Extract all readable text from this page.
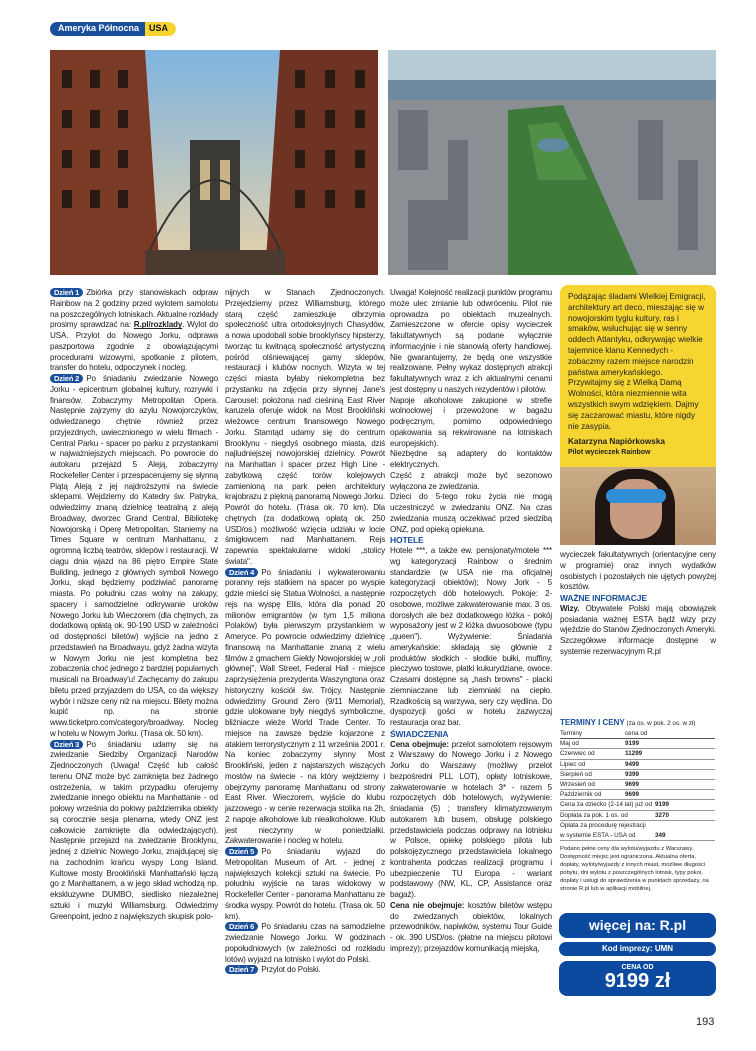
Ameryka Północna	USA

Dzień 1 Zbiórka przy stanowiskach odpraw Rainbow na 2 godziny przed wylotem samolotu na poszczególnych lotniskach. Aktualne rozkłady prosimy sprawdzać na: R.pl/rozklady. Wylot do USA. Przylot do Nowego Jorku, odprawa paszportowa zgodnie z obowiązującymi procedurami wizowymi, spotkanie z pilotem, transfer do hotelu, odpoczynek i nocleg.

Dzień 2 Po śniadaniu zwiedzanie Nowego Jorku - epicentrum globalnej kultury, rozrywki i finansów. Zobaczymy Metropolitan Opera. Następnie zajrzymy do azylu Nowojorczyków, odwiedzanego chętnie również przez przyjezdnych, uwiecznionego w wielu filmach - Central Parku - spacer po parku z przystankami w najważniejszych miejscach. Po powrocie do autokaru przejazd 5 Aleją, zobaczymy Rockefeller Center i przespacerujemy się słynną Piątą Aleją z jej najdroższymi na świecie sklepami. Wejdziemy do Katedry św. Patryka, odwiedzimy znaną dzielnicę teatralną z aleją Broadway, dworzec Grand Central, Bibliotekę Nowojorską i Operę Metropolitan. Staniemy na Times Square w centrum Manhattanu, z ogromną liczbą teatrów, sklepów i restauracji. W ciągu dnia wjazd na 86 piętro Empire State Building, jednego z głównych symboli Nowego Jorku, skąd będziemy podziwiać panoramę miasta. Po południu czas wolny na zakupy, spacery i samodzielne odkrywanie uroków Nowego Jorku lub Wieczorem (dla chętnych, za dodatkową opłatą ok. 90-190 USD w zależności od dostępności biletów) wyjście na jedno z przedstawień na Broadwayu, gdyż żadna wizyta w Nowym Jorku nie jest kompletna bez zobaczenia choć jednego z bardziej popularnych musicali na Broadway'u! Zachęcamy do zakupu biletu przed przyjazdem do USA, co da większy wybór i niższe ceny niż na miejscu. Bilety można kupić np. na stronie www.ticketpro.com/category/broadway. Nocleg w hotelu w Nowym Jorku. (Trasa ok. 50 km).

Dzień 3 Po śniadaniu udamy się na zwiedzanie Siedziby Organizacji Narodów Zjednoczonych (Uwaga! Część lub całość terenu ONZ może być zamknięta bez żadnego ostrzeżenia, w takim przypadku oferujemy zwiedzanie innego obiektu na Manhattanie - od połowy września do połowy października obiekty są corocznie sesja plenarna, wtedy ONZ jest całkowicie zamknięte dla odwiedzających). Następnie przejazd na zwiedzanie Brooklynu, jednej z dzielnic Nowego Jorku, znajdującej się na zachodnim krańcu wyspy Long Island. Kultowe mosty Brooklińskii Manhattański łączą go z Manhattanem, a w jego skład wchodzą np. ekskluzywne DUMBO, siedlisko niezależnej sztuki i muzyki Williamsburg. Odwiedzimy Greenpoint, jedno z największych skupisk polo-

nijnych w Stanach Zjednoczonych. Przejedziemy przez Williamsburg, którego starą część zamieszkuje olbrzymia społeczność ultra ortodoksyjnych Chasydów, a nowa upodobali sobie brooklyńscy hipsterzy, tworząc tu kwitnącą społeczność artystyczną pośród olśniewającej gamy sklepów, restauracji i klubów nocnych. Wizyta w tej części miasta byłaby niekompletna bez przystanku na zdjęcia przy słynnej Jane's Carousel: położona nad cieśniną East River karuzela oferuje widok na Most Brookliński wieżowce centrum finansowego Nowego Jorku. Stamtąd udamy się do centrum Brooklynu - niegdyś osobnego miasta, dziś najludniejszej nowojorskiej dzielnicy. Powrót na Manhattan i spacer przez High Line - zabytkową część torów kolejowych zamienioną na park pełen architektury krajobrazu z piękną panoramą Nowego Jorku. Powrót do hotelu. (Trasa ok. 70 km). Dla chętnych (za dodatkową opłatą ok. 250 USD/os.) możliwość wzięcia udziału w locie śmigłowcem nad Manhattanem. Rejs zapewnia spektakularne widoki „stolicy świata".

Dzień 4 Po śniadaniu i wykwaterowaniu poranny rejs statkiem na spacer po wyspie gdzie mieści się Statua Wolności, a następnie rejs na wyspę Ellis, która dla ponad 20 milionów emigrantów (w tym 1,5 miliona Polaków) była pierwszym przystankiem w Ameryce. Po powrocie odwiedzimy dzielnicę finansową na Manhattanie znaną z wielu filmów z gmachem Giełdy Nowojorskiej w „roli głównej", Wall Street, Federal Hall - miejsce zaprzysiężenia prezydenta Waszyngtona oraz historyczny kościół św. Trójcy. Następnie odwiedzimy Ground Zero (9/11 Memorial), gdzie ulokowane były niegdyś symboliczne, bliźniacze wieże World Trade Center. To miejsce na zawsze będzie kojarzone z atakiem terrorystycznym z 11 września 2001 r. Na koniec zobaczymy słynny Most Brookliński, jeden z najstarszych wiszących mostów na świecie - na który wejdziemy i obejrzymy panoramę Manhattanu od strony East River. Wieczorem, wyjście do klubu jazzowego - w cenie rezerwacja stolika na 2h, 2 napoje alkoholowe lub niealkoholowe. Klub jest nieczynny w poniedziałki. Zakwaterowanie i nocleg w hotelu.

Dzień 5 Po śniadaniu wyjazd do Metropolitan Museum of Art. - jednej z największych kolekcji sztuki na świecie. Po południu wyjście na taras widokowy w Rockefeller Center - panorama Manhattanu ze środka wyspy. Powrót do hotelu. (Trasa ok. 50 km).

Dzień 6 Po śniadaniu czas na samodzielne zwiedzanie Nowego Jorku. W godzinach popołudniowych (w zależności od rozkładu lotów) wyjazd na lotnisko i wylot do Polski.

Dzień 7 Przylot do Polski.

Uwaga! Kolejność realizacji punktów programu może ulec zmianie lub odwróceniu. Pilot nie oprowadza po obiektach muzealnych. Zamieszczone w ofercie opisy wycieczek fakultatywnych są podane wyłącznie informacyjnie i nie stanowią oferty handlowej. Nie gwarantujemy, że będą one wszystkie realizowane. Pełny wykaz dostępnych atrakcji fakultatywnych wraz z ich aktualnymi cenami jest dostępny u naszych rezydentów i pilotów.

Napoje alkoholowe zakupione w strefie wolnocłowej i przewożone w bagażu podręcznym, pomimo odpowiedniego opakowania są rekwirowane na lotniskach europejskich).

Niezbędne są adaptery do kontaktów elektrycznych.

Część z atrakcji może być sezonowo wyłączona ze zwiedzania.

Dzieci do 5-tego roku życia nie mogą uczestniczyć w zwiedzaniu ONZ. Na czas zwiedzania muszą oczekiwać przed siedzibą ONZ, pod opieką opiekuna.

HOTELE

Hotele ***, a także ew. pensjonaty/motele *** wg kategoryzacji Rainbow o średnim standardzie (w USA nie ma oficjalnej kategoryzacji obiektów); Nowy Jork - 5 rozpoczętych dób hotelowych. Pokoje: 2-osobowe, możliwe zakwaterowanie max. 3 os. dorosłych ale bez dodatkowego łóżka - pokój wyposażony jest w 2 łóżka dwuosobowe (typu „queen"). Wyżywienie: Śniadania amerykańskie: składają się głównie z produktów słodkich - słodkie bułki, muffiny, pieczywo tostowe, płatki kukurydziane, owoce. Czasami dostępne są „hash browns" - placki ziemniaczane lub ziemniaki na ciepło. Rzadkością są warzywa, sery czy wędlina. Do dyspozycji gości w hotelu zazwyczaj restauracja oraz bar.

ŚWIADCZENIA

Cena obejmuje: przelot samolotem rejsowym z Warszawy do Nowego Jorku i z Nowego Jorku do Warszawy (możliwy przelot bezpośredni PLL LOT), opłaty lotniskowe, zakwaterowanie w hotelach 3* - razem 5 rozpoczętych dób hotelowych, wyżywienie: śniadania (5) ; transfery klimatyzowanym autokarem lub busem, obsługę polskiego przedstawiciela podczas odprawy na lotnisku w Polsce, opiekę polskiego pilota lub polskojęzycznego przedstawiciela lokalnego kontrahenta podczas realizacji programu i ubezpieczenie TU Europa - wariant podstawowy (NW, KL, CP, Assistance oraz bagaż).

Cena nie obejmuje: kosztów biletów wstępu do zwiedzanych obiektów, lokalnych przewodników, napiwków, systemu Tour Guide - ok. 390 USD/os. (płatne na miejscu pilotowi imprezy); przejazdów komunikacją miejską,

Podążając śladami Wielkiej Emigracji, architektury art deco, mieszając się w nowojorskim tyglu kultury, ras i smaków, wsłuchując się w senny oddech Atlantyku, odkrywając wielkie tajemnice klanu Kennedych - zobaczmy razem miejsce narodzin państwa amerykańskiego. Przywitajmy się z Wielką Damą Wolności, która niezmiennie wita wszystkich swym wdziękiem. Dajmy się zaczarować miastu, które nigdy nie zasypia.

Katarzyna Napiórkowska

Pilot wycieczek Rainbow

wycieczek fakultatywnych (orientacyjne ceny w programie) oraz innych wydatków osobistych i pozostałych nie ujętych powyżej kosztów.

WAŻNE INFORMACJE

Wizy. Obywatele Polski mają obowiązek posiadania ważnej ESTA bądź wizy przy wjeździe do Stanów Zjednoczonych Ameryki. Szczegółowe informacje dostępne w systemie rezerwacyjnym R.pl

TERMINY I CENY (za os. w pok. 2 os. w zł)
Terminy	cena od
Maj od	9199
Czerwiec od	11299
Lipiec od	9499
Sierpień od	9399
Wrzesień od	9699
Październik od	9699
Cena za dziecko (2-14 lat) już od 9199
Dopłata za pok. 1 os. od	3270
Opłata za procedurę rejestracji
w systemie ESTA - USA od	349

Podano pełne ceny dla wylotu/wyjazdu z Warszawy. Dostępność miejsc jest ograniczona. Aktualna oferta, dopłaty, wyloty/wyjazdy z innych miast, możliwe długości pobytu, dni wylotu z poszczególnych lotnisk, typy pokoi, dopłaty i usługi do sprawdzenia w punktach sprzedaży, na stronie R.pl lub w aplikacji mobilnej.

więcej na: R.pl
Kod imprezy: UMN
CENA OD
9199 zł
193
